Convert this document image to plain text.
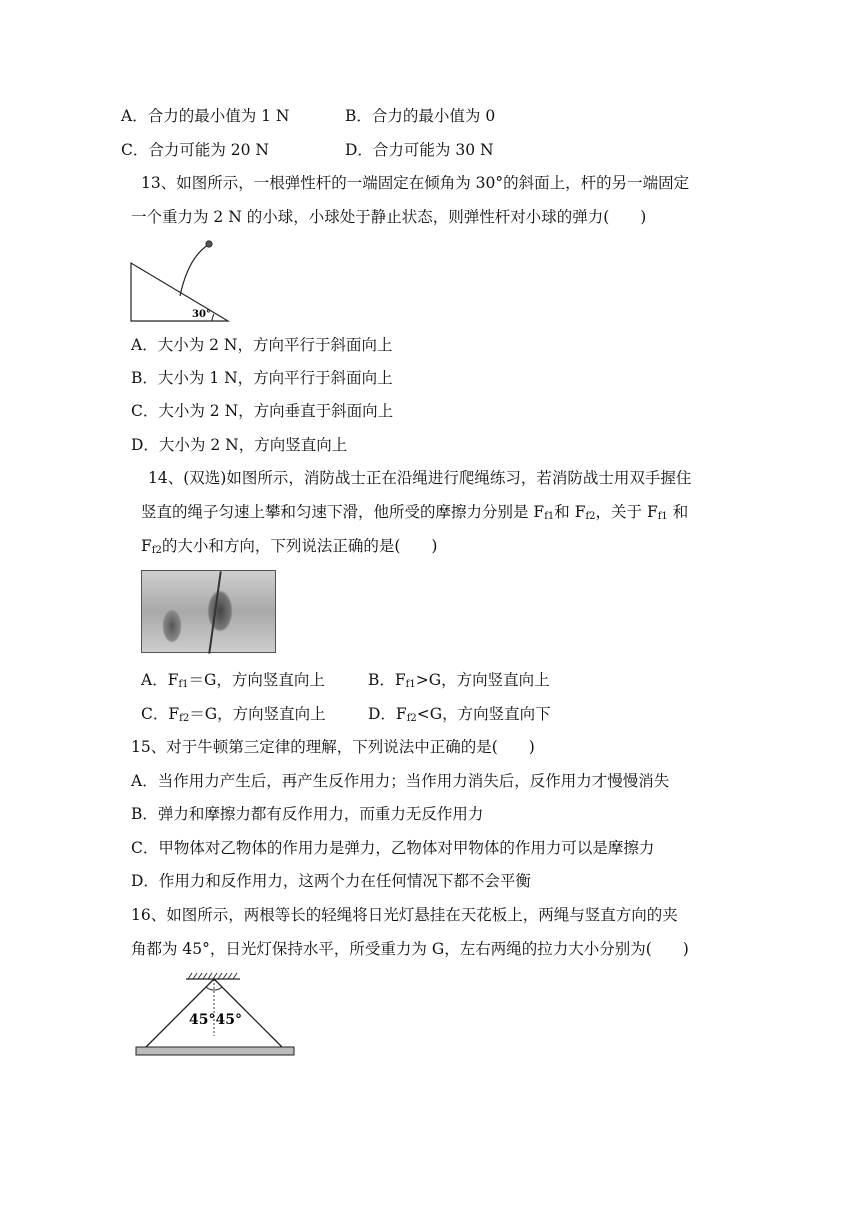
A．合力的最小值为 1 N	B．合力的最小值为 0
C．合力可能为 20 N	D．合力可能为 30 N
13、如图所示，一根弹性杆的一端固定在倾角为 30°的斜面上，杆的另一端固定
一个重力为 2 N 的小球，小球处于静止状态，则弹性杆对小球的弹力(　　)
30°
A．大小为 2 N，方向平行于斜面向上
B．大小为 1 N，方向平行于斜面向上
C．大小为 2 N，方向垂直于斜面向上
D．大小为 2 N，方向竖直向上
14、(双选)如图所示，消防战士正在沿绳进行爬绳练习，若消防战士用双手握住
竖直的绳子匀速上攀和匀速下滑，他所受的摩擦力分别是 $F_{f1}$和 $F_{f2}$，关于 $F_{f1}$ 和
$F_{f2}$的大小和方向，下列说法正确的是(　　)
A．$F_{f1}=G$，方向竖直向上	B．$F_{f1}>G$，方向竖直向上
C．$F_{f2}=G$，方向竖直向上	D．$F_{f2}<G$，方向竖直向下
15、对于牛顿第三定律的理解，下列说法中正确的是(　　)
A．当作用力产生后，再产生反作用力；当作用力消失后，反作用力才慢慢消失
B．弹力和摩擦力都有反作用力，而重力无反作用力
C．甲物体对乙物体的作用力是弹力，乙物体对甲物体的作用力可以是摩擦力
D．作用力和反作用力，这两个力在任何情况下都不会平衡
16、如图所示，两根等长的轻绳将日光灯悬挂在天花板上，两绳与竖直方向的夹
角都为 45°，日光灯保持水平，所受重力为 G，左右两绳的拉力大小分别为(　　)
45°45°
